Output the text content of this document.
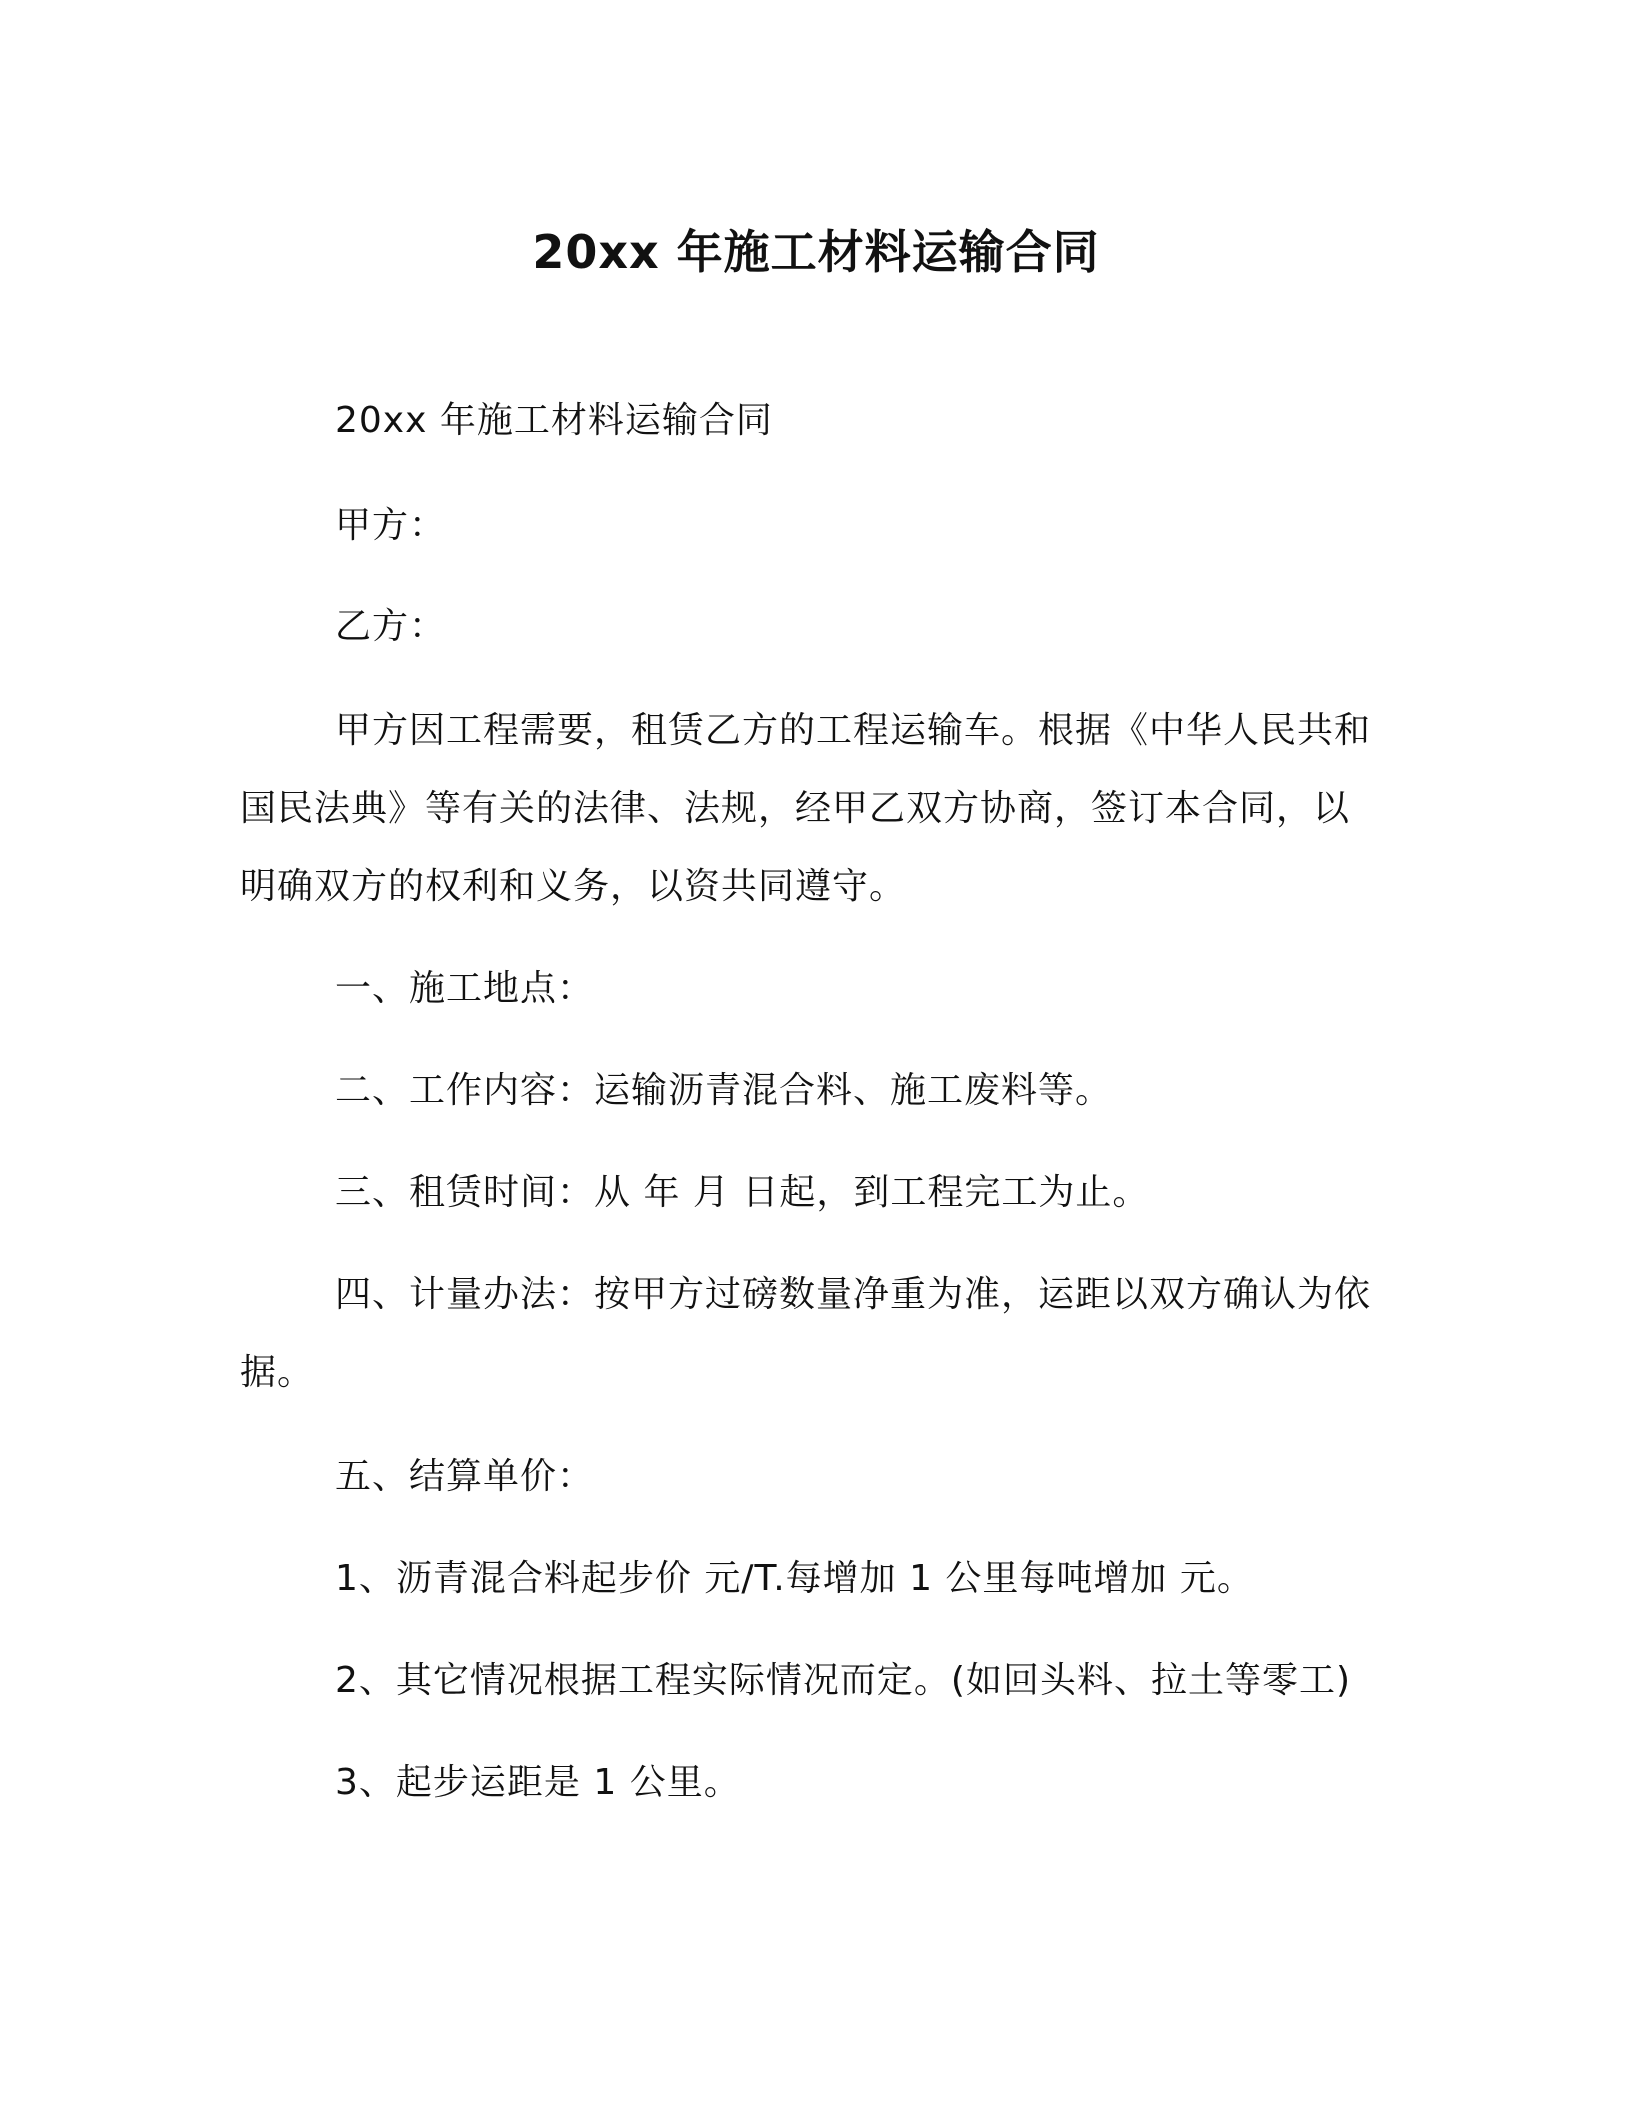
20xx 年施工材料运输合同

20xx 年施工材料运输合同

甲方：

乙方：

甲方因工程需要，租赁乙方的工程运输车。根据《中华人民共和
国民法典》等有关的法律、法规，经甲乙双方协商，签订本合同，以
明确双方的权利和义务，以资共同遵守。

一、施工地点：

二、工作内容：运输沥青混合料、施工废料等。

三、租赁时间：从 年 月 日起，到工程完工为止。

四、计量办法：按甲方过磅数量净重为准，运距以双方确认为依
据。

五、结算单价：

1、沥青混合料起步价 元/T.每增加 1 公里每吨增加 元。

2、其它情况根据工程实际情况而定。(如回头料、拉土等零工)

3、起步运距是 1 公里。
